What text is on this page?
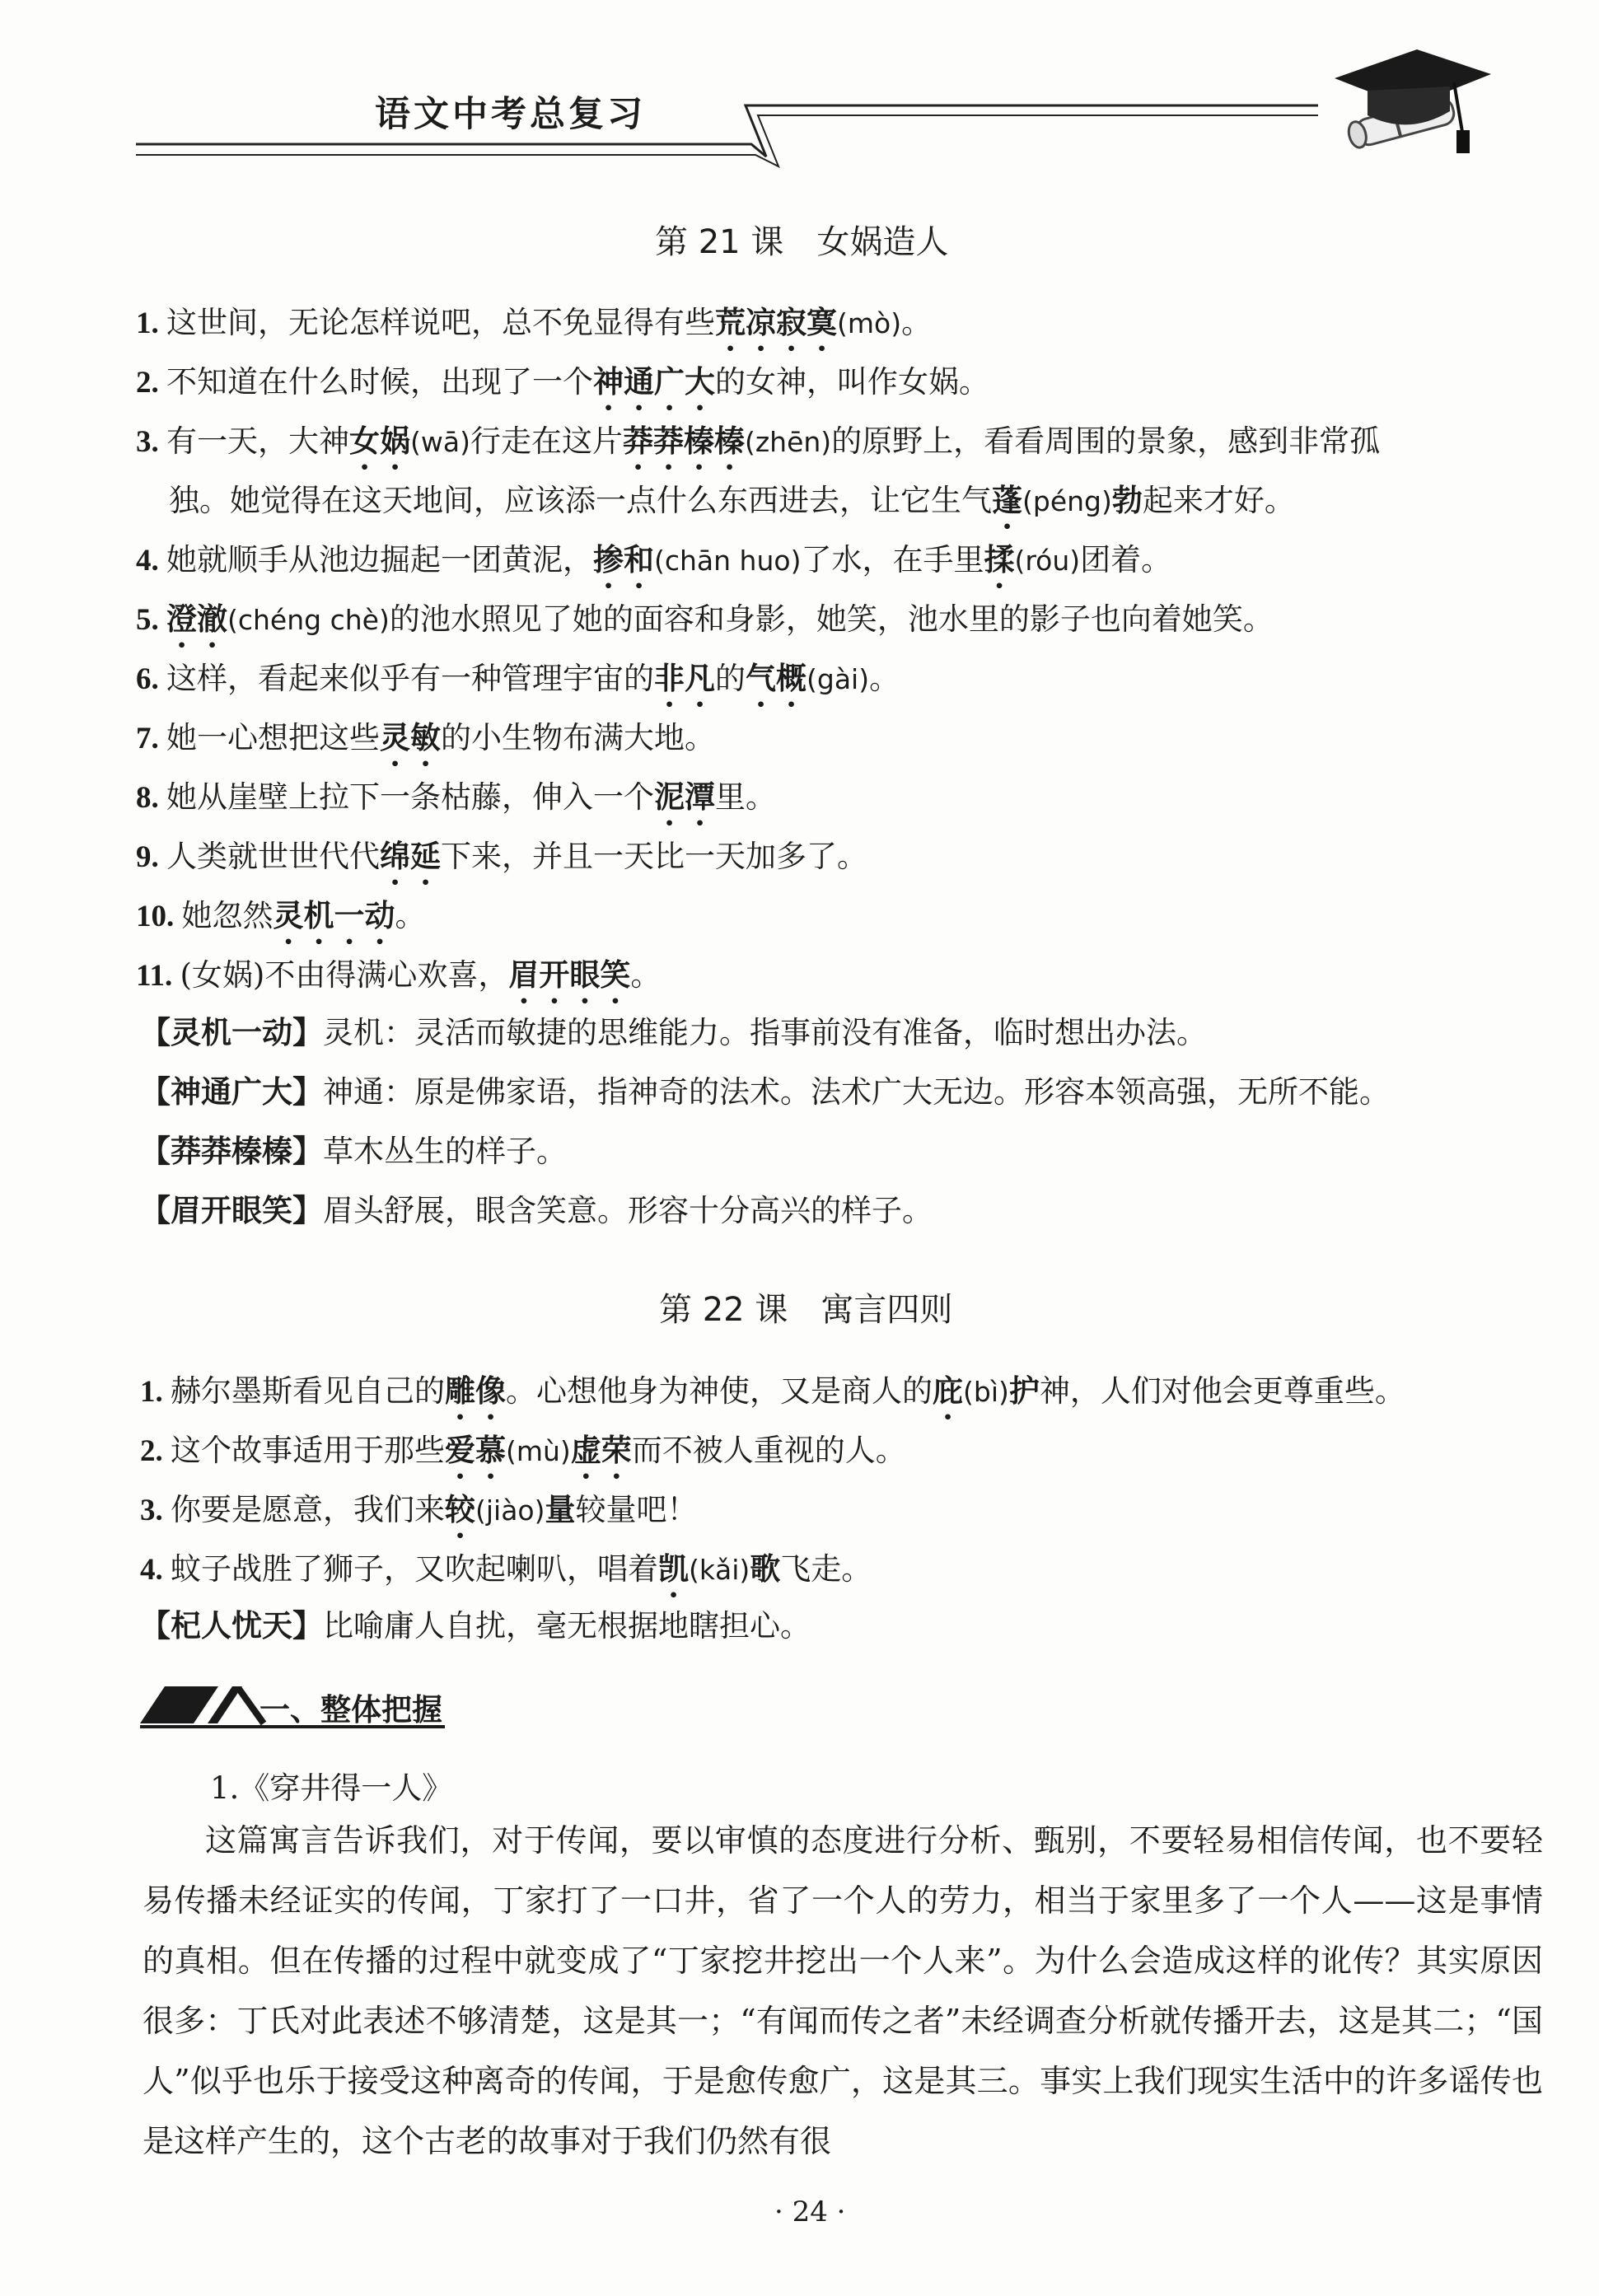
语文中考总复习
第 21 课　女娲造人
1. 这世间，无论怎样说吧，总不免显得有些荒凉寂寞(mò)。
2. 不知道在什么时候，出现了一个神通广大的女神，叫作女娲。
3. 有一天，大神女娲(wā)行走在这片莽莽榛榛(zhēn)的原野上，看看周围的景象，感到非常孤
独。她觉得在这天地间，应该添一点什么东西进去，让它生气蓬(péng)勃起来才好。
4. 她就顺手从池边掘起一团黄泥，掺和(chān huo)了水，在手里揉(róu)团着。
5. 澄澈(chéng chè)的池水照见了她的面容和身影，她笑，池水里的影子也向着她笑。
6. 这样，看起来似乎有一种管理宇宙的非凡的气概(gài)。
7. 她一心想把这些灵敏的小生物布满大地。
8. 她从崖壁上拉下一条枯藤，伸入一个泥潭里。
9. 人类就世世代代绵延下来，并且一天比一天加多了。
10. 她忽然灵机一动。
11. (女娲)不由得满心欢喜，眉开眼笑。
【灵机一动】灵机：灵活而敏捷的思维能力。指事前没有准备，临时想出办法。
【神通广大】神通：原是佛家语，指神奇的法术。法术广大无边。形容本领高强，无所不能。
【莽莽榛榛】草木丛生的样子。
【眉开眼笑】眉头舒展，眼含笑意。形容十分高兴的样子。
第 22 课　寓言四则
1. 赫尔墨斯看见自己的雕像。心想他身为神使，又是商人的庇(bì)护神，人们对他会更尊重些。
2. 这个故事适用于那些爱慕(mù)虚荣而不被人重视的人。
3. 你要是愿意，我们来较(jiào)量较量吧！
4. 蚊子战胜了狮子，又吹起喇叭，唱着凯(kǎi)歌飞走。
【杞人忧天】比喻庸人自扰，毫无根据地瞎担心。
一、整体把握
1.《穿井得一人》
这篇寓言告诉我们，对于传闻，要以审慎的态度进行分析、甄别，不要轻易相信传闻，也不要轻易传播未经证实的传闻，丁家打了一口井，省了一个人的劳力，相当于家里多了一个人——这是事情的真相。但在传播的过程中就变成了“丁家挖井挖出一个人来”。为什么会造成这样的讹传？其实原因很多：丁氏对此表述不够清楚，这是其一；“有闻而传之者”未经调查分析就传播开去，这是其二；“国人”似乎也乐于接受这种离奇的传闻，于是愈传愈广，这是其三。事实上我们现实生活中的许多谣传也是这样产生的，这个古老的故事对于我们仍然有很
· 24 ·
